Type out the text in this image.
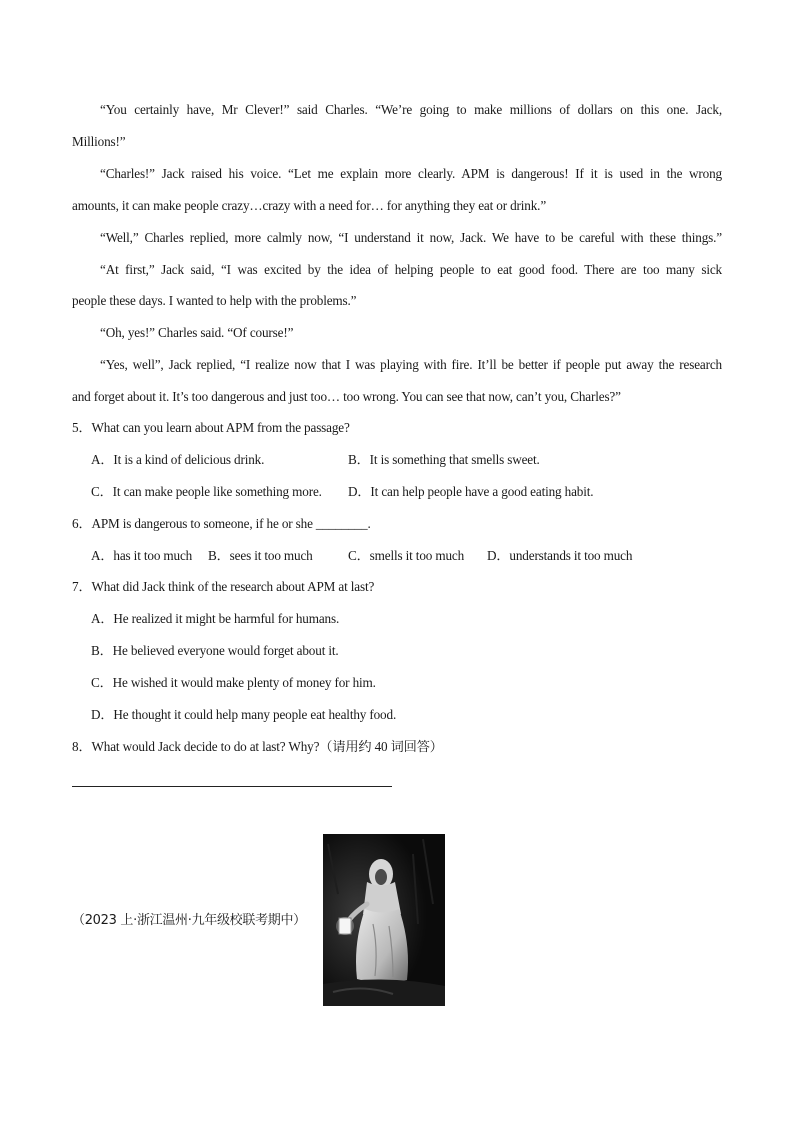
“You certainly have, Mr Clever!” said Charles. “We’re going to make millions of dollars on this one. Jack,
Millions!”
“Charles!” Jack raised his voice. “Let me explain more clearly. APM is dangerous! If it is used in the wrong
amounts, it can make people crazy…crazy with a need for… for anything they eat or drink.”
“Well,” Charles replied, more calmly now, “I understand it now, Jack. We have to be careful with these things.”
“At first,” Jack said, “I was excited by the idea of helping people to eat good food. There are too many sick
people these days. I wanted to help with the problems.”
“Oh, yes!” Charles said. “Of course!”
“Yes, well”, Jack replied, “I realize now that I was playing with fire. It’ll be better if people put away the research
and forget about it. It’s too dangerous and just too… too wrong. You can see that now, can’t you, Charles?”
5．What can you learn about APM from the passage?
A．It is a kind of delicious drink.	B．It is something that smells sweet.
C．It can make people like something more. D．It can help people have a good eating habit.
6．APM is dangerous to someone, if he or she ________.
A．has it too much B．sees it too much	C．smells it too much D．understands it too much
7．What did Jack think of the research about APM at last?
A．He realized it might be harmful for humans.
B．He believed everyone would forget about it.
C．He wished it would make plenty of money for him.
D．He thought it could help many people eat healthy food.
8．What would Jack decide to do at last? Why?（请用约 40 词回答）
（2023 上·浙江温州·九年级校联考期中）
